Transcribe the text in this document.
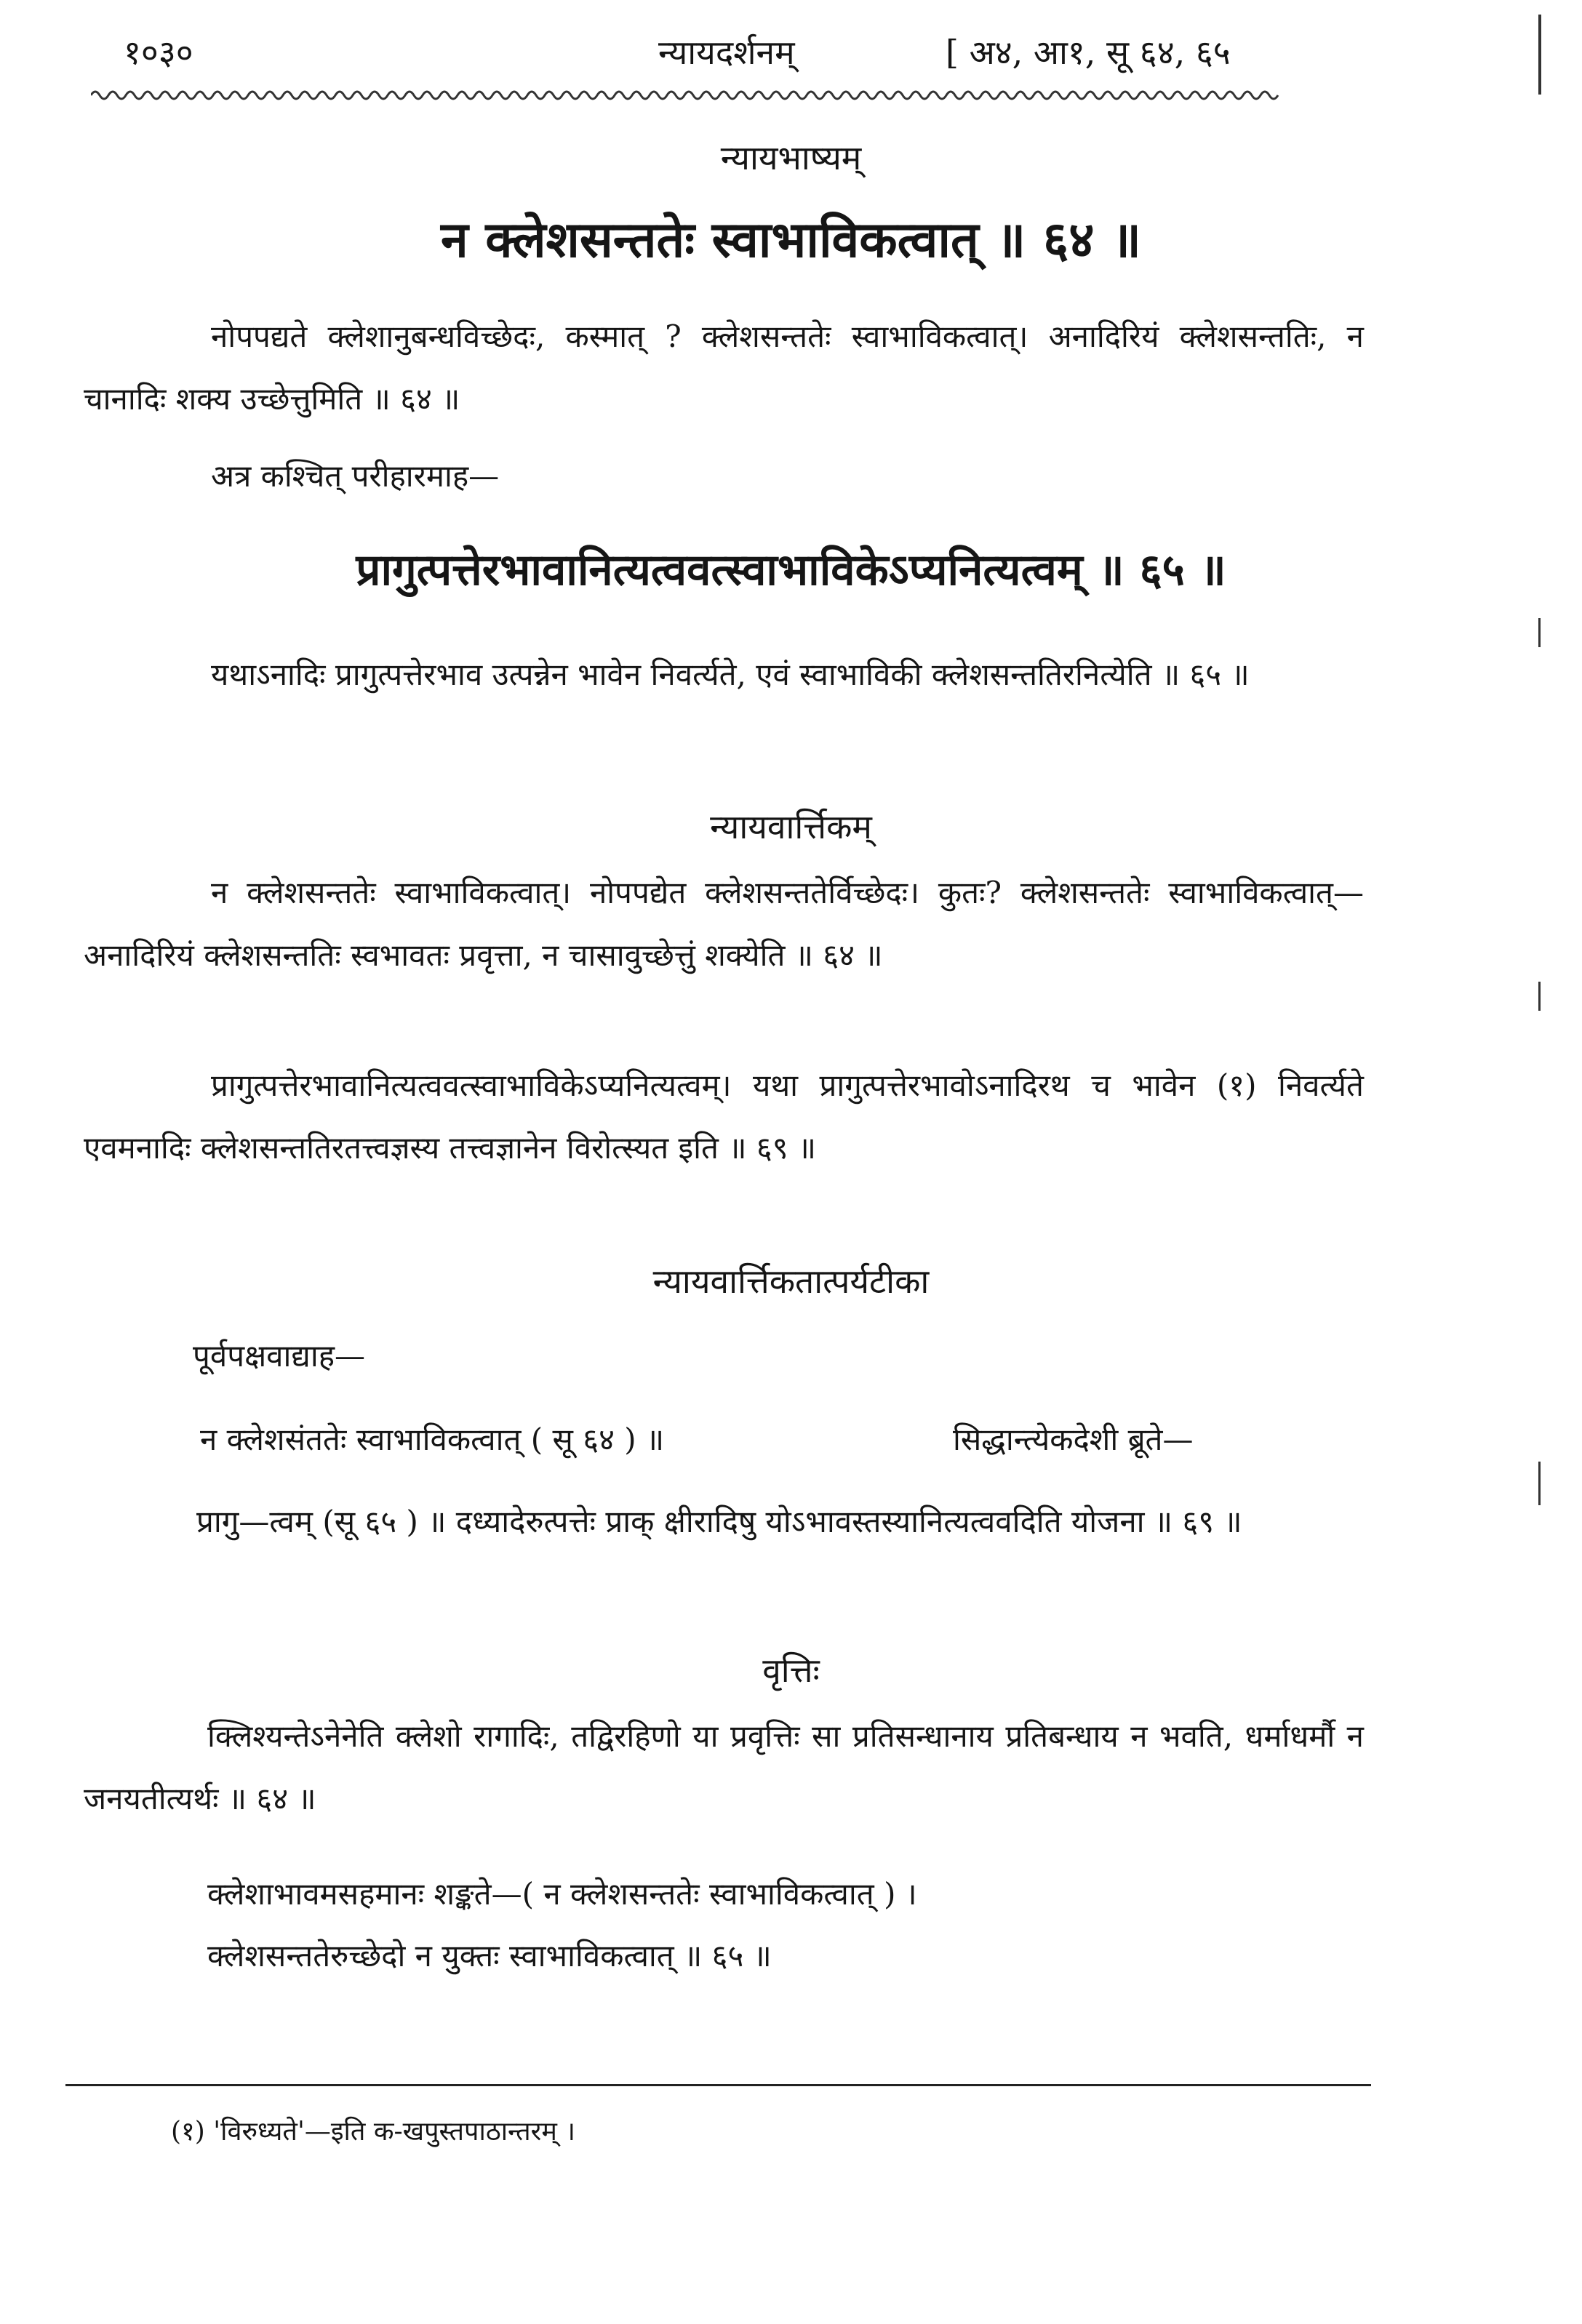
१०३०	न्यायदर्शनम्	[ अ४, आ१, सू ६४, ६५
न्यायभाष्यम्
न क्लेशसन्ततेः स्वाभाविकत्वात् ॥ ६४ ॥
नोपपद्यते क्लेशानुबन्धविच्छेदः, कस्मात् ? क्लेशसन्ततेः स्वाभाविकत्वात्। अनादिरियं क्लेशसन्ततिः, न चानादिः शक्य उच्छेत्तुमिति ॥ ६४ ॥
अत्र कश्चित् परीहारमाह—
प्रागुत्पत्तेरभावानित्यत्ववत्स्वाभाविकेऽप्यनित्यत्वम् ॥ ६५ ॥
यथाऽनादिः प्रागुत्पत्तेरभाव उत्पन्नेन भावेन निवर्त्यते, एवं स्वाभाविकी क्लेशसन्ततिरनित्येति ॥ ६५ ॥
न्यायवार्त्तिकम्
न क्लेशसन्ततेः स्वाभाविकत्वात्। नोपपद्येत क्लेशसन्ततेर्विच्छेदः। कुतः? क्लेशसन्ततेः स्वाभाविकत्वात्—अनादिरियं क्लेशसन्ततिः स्वभावतः प्रवृत्ता, न चासावुच्छेत्तुं शक्येति ॥ ६४ ॥
प्रागुत्पत्तेरभावानित्यत्ववत्स्वाभाविकेऽप्यनित्यत्वम्। यथा प्रागुत्पत्तेरभावोऽनादिरथ च भावेन (१) निवर्त्यते एवमनादिः क्लेशसन्ततिरतत्त्वज्ञस्य तत्त्वज्ञानेन विरोत्स्यत इति ॥ ६९ ॥
न्यायवार्त्तिकतात्पर्यटीका
पूर्वपक्षवाद्याह—
न क्लेशसंततेः स्वाभाविकत्वात् ( सू ६४ ) ॥	सिद्धान्त्येकदेशी ब्रूते—
प्रागु—त्वम् (सू ६५ ) ॥ दध्यादेरुत्पत्तेः प्राक् क्षीरादिषु योऽभावस्तस्यानित्यत्ववदिति योजना ॥ ६९ ॥
वृत्तिः
क्लिश्यन्तेऽनेनेति क्लेशो रागादिः, तद्विरहिणो या प्रवृत्तिः सा प्रतिसन्धानाय प्रतिबन्धाय न भवति, धर्माधर्मौ न जनयतीत्यर्थः ॥ ६४ ॥
क्लेशाभावमसहमानः शङ्कते—( न क्लेशसन्ततेः स्वाभाविकत्वात् ) ।
क्लेशसन्ततेरुच्छेदो न युक्तः स्वाभाविकत्वात् ॥ ६५ ॥
(१) 'विरुध्यते'—इति क-खपुस्तपाठान्तरम् ।
